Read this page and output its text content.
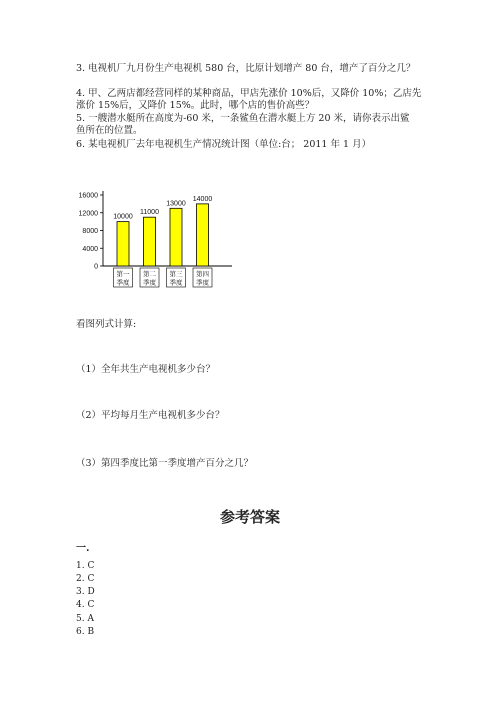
3. 电视机厂九月份生产电视机 580 台，比原计划增产 80 台，增产了百分之几？
4. 甲、乙两店都经营同样的某种商品，甲店先涨价 10%后，又降价 10%；乙店先
涨价 15%后，又降价 15%。此时，哪个店的售价高些？
5. 一艘潜水艇所在高度为-60 米，一条鲨鱼在潜水艇上方 20 米，请你表示出鲨
鱼所在的位置。
6. 某电视机厂去年电视机生产情况统计图（单位:台； 2011 年 1 月）
16000
12000
8000
4000
0
10000
第一
季度
11000
第二
季度
13000
第三
季度
14000
第四
季度
看图列式计算:
（1）全年共生产电视机多少台？
（2）平均每月生产电视机多少台？
（3）第四季度比第一季度增产百分之几？
参考答案
一.
1. C
2. C
3. D
4. C
5. A
6. B
